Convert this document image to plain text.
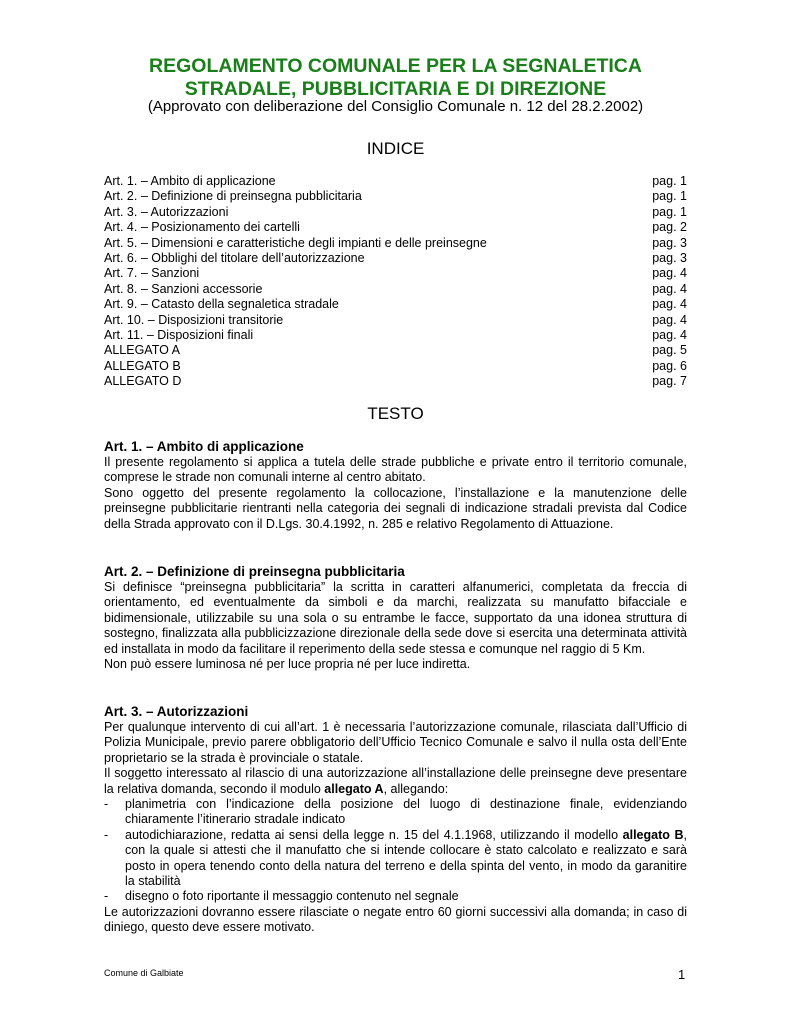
REGOLAMENTO COMUNALE PER LA SEGNALETICA
STRADALE, PUBBLICITARIA E DI DIREZIONE
(Approvato con deliberazione del Consiglio Comunale n. 12 del 28.2.2002)
INDICE
Art. 1. – Ambito di applicazione	pag. 1
Art. 2. – Definizione di preinsegna pubblicitaria	pag. 1
Art. 3. – Autorizzazioni	pag. 1
Art. 4. – Posizionamento dei cartelli	pag. 2
Art. 5. – Dimensioni e caratteristiche degli impianti e delle preinsegne	pag. 3
Art. 6. – Obblighi del titolare dell’autorizzazione	pag. 3
Art. 7. – Sanzioni	pag. 4
Art. 8. – Sanzioni accessorie	pag. 4
Art. 9. – Catasto della segnaletica stradale	pag. 4
Art. 10. – Disposizioni transitorie	pag. 4
Art. 11. – Disposizioni finali	pag. 4
ALLEGATO A	pag. 5
ALLEGATO B	pag. 6
ALLEGATO D	pag. 7
TESTO
Art. 1. – Ambito di applicazione

Il presente regolamento si applica a tutela delle strade pubbliche e private entro il territorio comunale, comprese le strade non comunali interne al centro abitato.

Sono oggetto del presente regolamento la collocazione, l’installazione e la manutenzione delle preinsegne pubblicitarie rientranti nella categoria dei segnali di indicazione stradali prevista dal Codice della Strada approvato con il D.Lgs. 30.4.1992, n. 285 e relativo Regolamento di Attuazione.

Art. 2. – Definizione di preinsegna pubblicitaria

Si definisce “preinsegna pubblicitaria” la scritta in caratteri alfanumerici, completata da freccia di orientamento, ed eventualmente da simboli e da marchi, realizzata su manufatto bifacciale e bidimensionale, utilizzabile su una sola o su entrambe le facce, supportato da una idonea struttura di sostegno, finalizzata alla pubblicizzazione direzionale della sede dove si esercita una determinata attività ed installata in modo da facilitare il reperimento della sede stessa e comunque nel raggio di 5 Km.

Non può essere luminosa né per luce propria né per luce indiretta.

Art. 3. – Autorizzazioni

Per qualunque intervento di cui all’art. 1 è necessaria l’autorizzazione comunale, rilasciata dall’Ufficio di Polizia Municipale, previo parere obbligatorio dell’Ufficio Tecnico Comunale e salvo il nulla osta dell’Ente proprietario se la strada è provinciale o statale.

Il soggetto interessato al rilascio di una autorizzazione all’installazione delle preinsegne deve presentare la relativa domanda, secondo il modulo allegato A, allegando:

- planimetria con l’indicazione della posizione del luogo di destinazione finale, evidenziando chiaramente l’itinerario stradale indicato
- autodichiarazione, redatta ai sensi della legge n. 15 del 4.1.1968, utilizzando il modello allegato B, con la quale si attesti che il manufatto che si intende collocare è stato calcolato e realizzato e sarà posto in opera tenendo conto della natura del terreno e della spinta del vento, in modo da garanitire la stabilità
- disegno o foto riportante il messaggio contenuto nel segnale

Le autorizzazioni dovranno essere rilasciate o negate entro 60 giorni successivi alla domanda; in caso di diniego, questo deve essere motivato.

Comune di Galbiate	1
